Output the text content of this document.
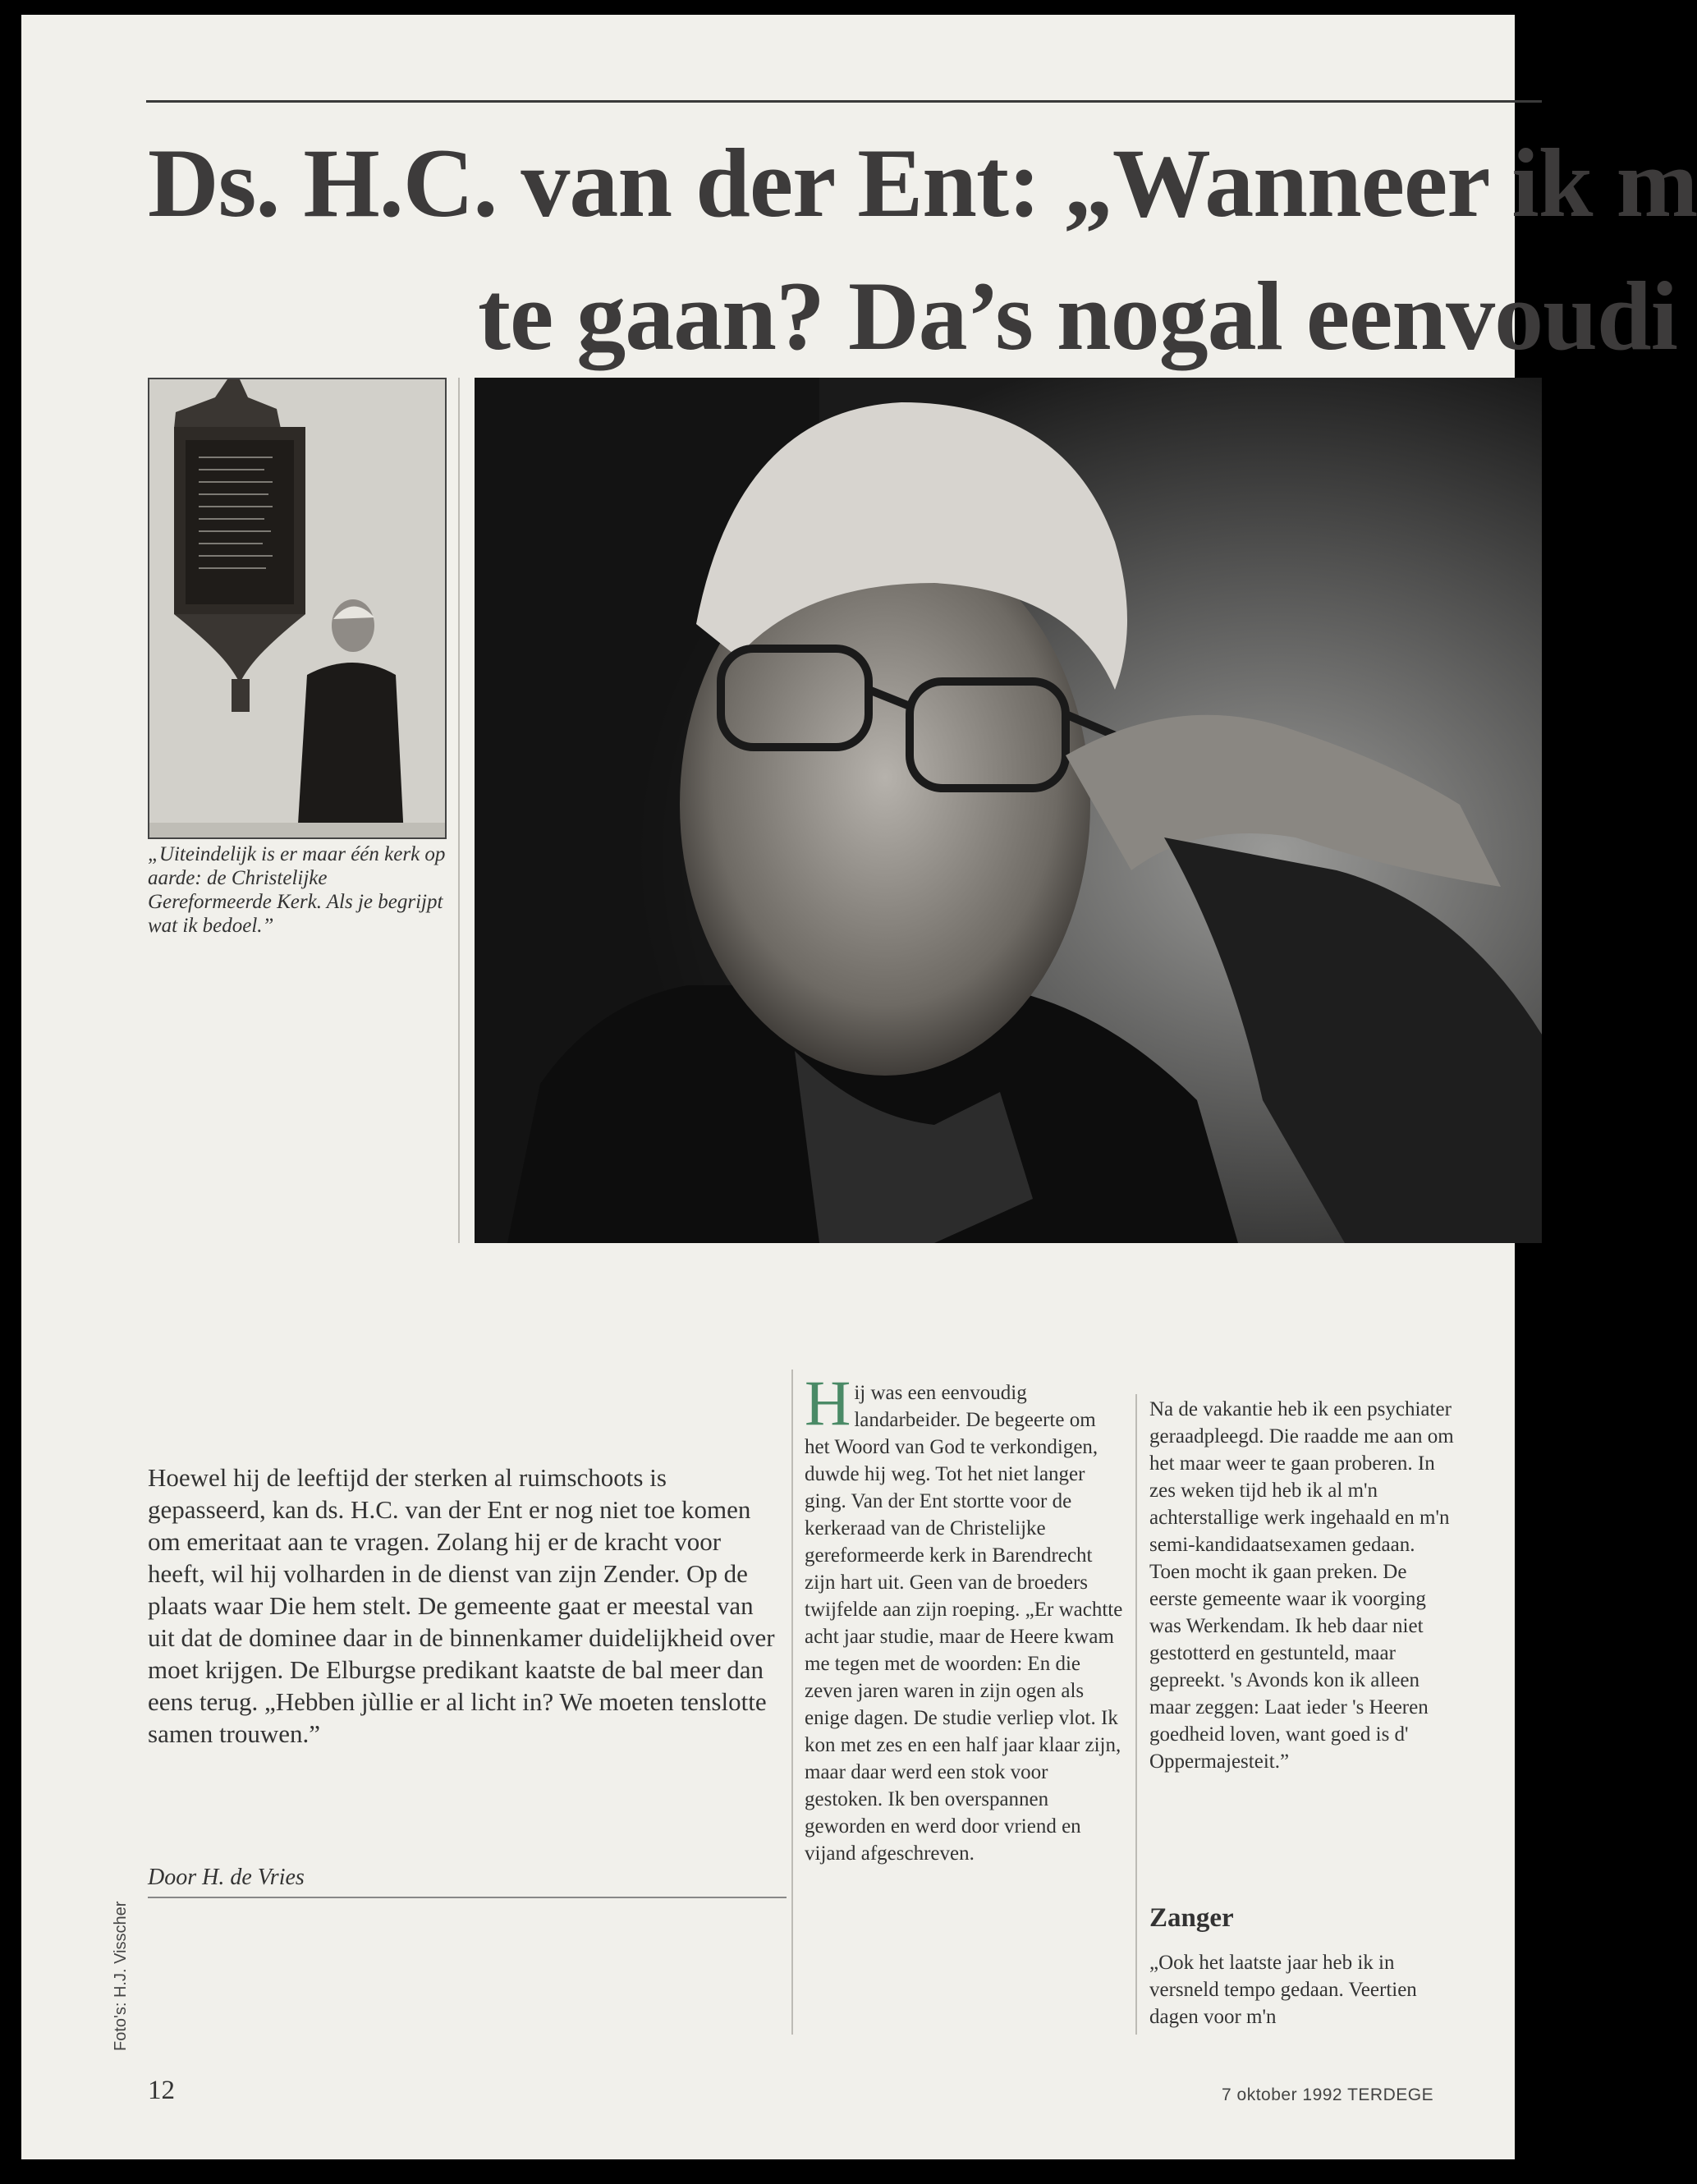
Ds. H.C. van der Ent: „Wanneer ik m
te gaan? Da’s nogal eenvoudi

„Uiteindelijk is er maar één kerk op aarde: de Christelijke Gereformeerde Kerk. Als je begrijpt wat ik bedoel.”

Hoewel hij de leeftijd der sterken al ruimschoots is gepasseerd, kan ds. H.C. van der Ent er nog niet toe komen om emeritaat aan te vragen. Zolang hij er de kracht voor heeft, wil hij volharden in de dienst van zijn Zender. Op de plaats waar Die hem stelt. De gemeente gaat er meestal van uit dat de dominee daar in de binnenkamer duidelijkheid over moet krijgen. De Elburgse predikant kaatste de bal meer dan eens terug. „Hebben jùllie er al licht in? We moeten tenslotte samen trouwen.”

Door H. de Vries

Foto's: H.J. Visscher

Hij was een eenvoudig landarbeider. De begeerte om het Woord van God te verkondigen, duwde hij weg. Tot het niet langer ging. Van der Ent stortte voor de kerkeraad van de Christelijke gereformeerde kerk in Barendrecht zijn hart uit. Geen van de broeders twijfelde aan zijn roeping. „Er wachtte acht jaar studie, maar de Heere kwam me tegen met de woorden: En die zeven jaren waren in zijn ogen als enige dagen. De studie verliep vlot. Ik kon met zes en een half jaar klaar zijn, maar daar werd een stok voor gestoken. Ik ben overspannen geworden en werd door vriend en vijand afgeschreven.

Na de vakantie heb ik een psychiater geraadpleegd. Die raadde me aan om het maar weer te gaan proberen. In zes weken tijd heb ik al m'n achterstallige werk ingehaald en m'n semi-kandidaatsexamen gedaan. Toen mocht ik gaan preken. De eerste gemeente waar ik voorging was Werkendam. Ik heb daar niet gestotterd en gestunteld, maar gepreekt. 's Avonds kon ik alleen maar zeggen: Laat ieder 's Heeren goedheid loven, want goed is d' Oppermajesteit.”

Zanger

„Ook het laatste jaar heb ik in versneld tempo gedaan. Veertien dagen voor m'n

12	7 oktober 1992 TERDEGE
